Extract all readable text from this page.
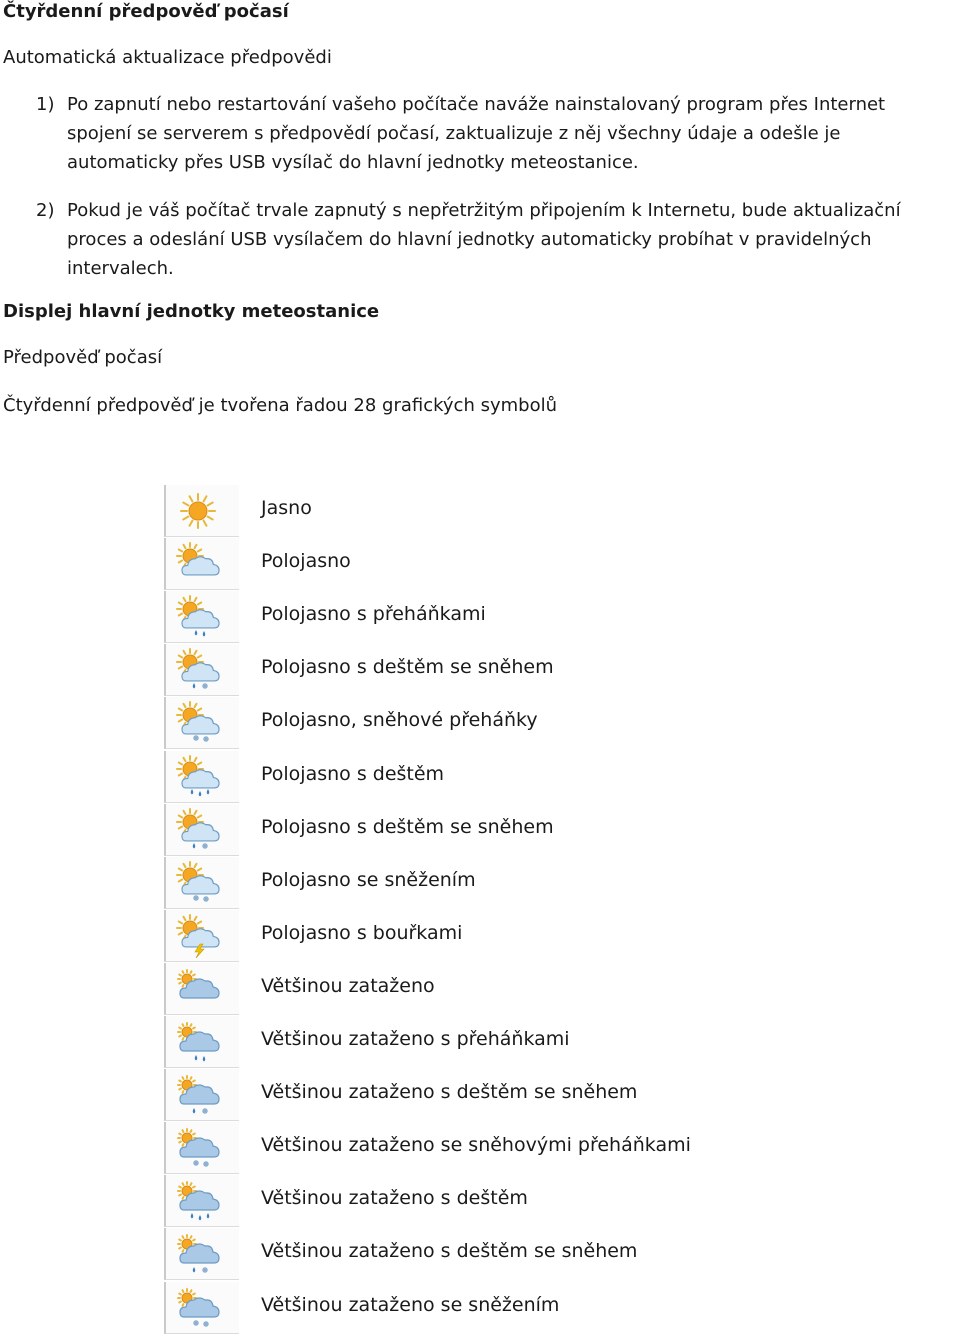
Čtyřdenní předpověď počasí
Automatická aktualizace předpovědi
1) Po zapnutí nebo restartování vašeho počítače naváže nainstalovaný program přes Internet
spojení se serverem s předpovědí počasí, zaktualizuje z něj všechny údaje a odešle je
automaticky přes USB vysílač do hlavní jednotky meteostanice.
2) Pokud je váš počítač trvale zapnutý s nepřetržitým připojením k Internetu, bude aktualizační
proces a odeslání USB vysílačem do hlavní jednotky automaticky probíhat v pravidelných
intervalech.
Displej hlavní jednotky meteostanice
Předpověď počasí
Čtyřdenní předpověď je tvořena řadou 28 grafických symbolů
Jasno
Polojasno
Polojasno s přeháňkami
Polojasno s deštěm se sněhem
Polojasno, sněhové přeháňky
Polojasno s deštěm
Polojasno s deštěm se sněhem
Polojasno se sněžením
Polojasno s bouřkami
Většinou zataženo
Většinou zataženo s přeháňkami
Většinou zataženo s deštěm se sněhem
Většinou zataženo se sněhovými přeháňkami
Většinou zataženo s deštěm
Většinou zataženo s deštěm se sněhem
Většinou zataženo se sněžením
